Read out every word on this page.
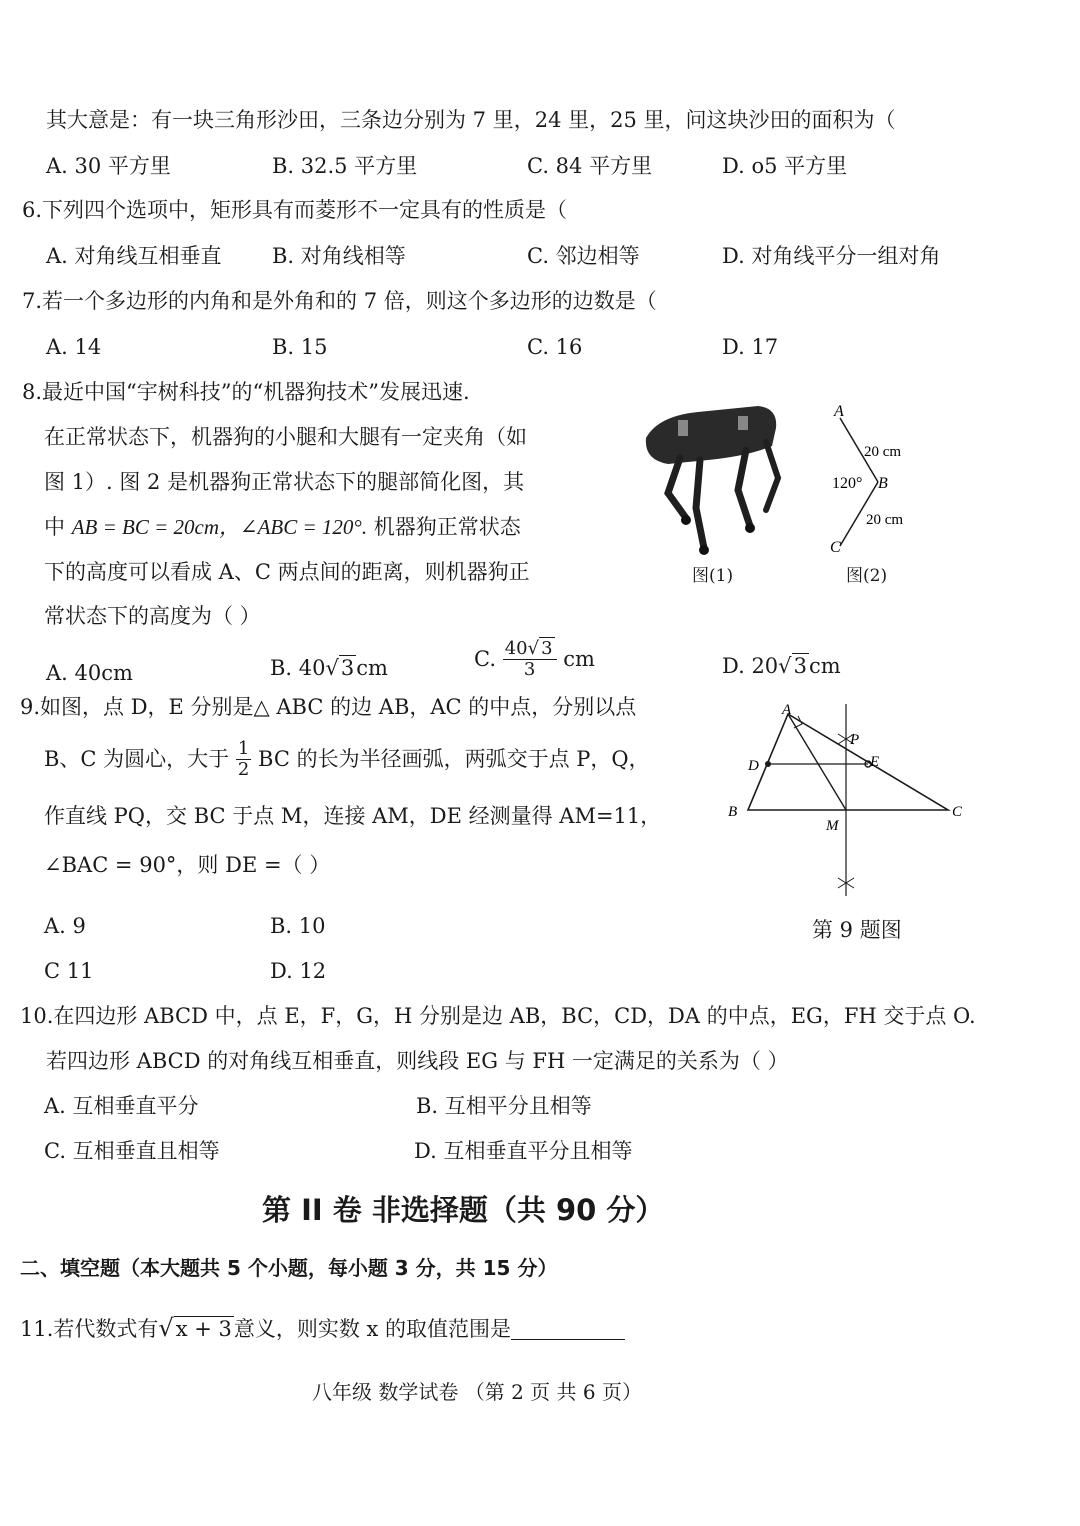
其大意是：有一块三角形沙田，三条边分别为 7 里，24 里，25 里，问这块沙田的面积为（
A. 30 平方里	B. 32.5 平方里	C. 84 平方里	D. o5 平方里
6.下列四个选项中，矩形具有而菱形不一定具有的性质是（
A. 对角线互相垂直 B. 对角线相等	C. 邻边相等	D. 对角线平分一组对角
7.若一个多边形的内角和是外角和的 7 倍，则这个多边形的边数是（
A. 14	B. 15	C. 16	D. 17
8.最近中国“宇树科技”的“机器狗技术”发展迅速.
在正常状态下，机器狗的小腿和大腿有一定夹角（如
图 1）. 图 2 是机器狗正常状态下的腿部简化图，其
中 AB = BC = 20cm，∠ABC = 120°. 机器狗正常状态
下的高度可以看成 A、C 两点间的距离，则机器狗正
常状态下的高度为（ ）
图(1)
A
B
C
120°
20 cm
20 cm
图(2)
A. 40cm	B. 40√3cm	C. $\frac{40√ 3}{3}$ cm	D. 20√3cm
9.如图，点 D，E 分别是△ ABC 的边 AB，AC 的中点，分别以点
B、C 为圆心，大于 $\frac{1}{2}$ BC 的长为半径画弧，两弧交于点 P，Q，
作直线 PQ，交 BC 于点 M，连接 AM，DE 经测量得 AM=11，
∠BAC = 90°，则 DE =（ ）
A. 9	B. 10
C 11	D. 12
A
B	C
D	E
M
P
第 9 题图
10.在四边形 ABCD 中，点 E，F，G，H 分别是边 AB，BC，CD，DA 的中点，EG，FH 交于点 O.
若四边形 ABCD 的对角线互相垂直，则线段 EG 与 FH 一定满足的关系为（ ）
A. 互相垂直平分	B. 互相平分且相等
C. 互相垂直且相等	D. 互相垂直平分且相等
第 II 卷 非选择题（共 90 分）
二、填空题（本大题共 5 个小题，每小题 3 分，共 15 分）
11.若代数式有√x + 3意义，则实数 x 的取值范围是
八年级 数学试卷 （第 2 页 共 6 页）
